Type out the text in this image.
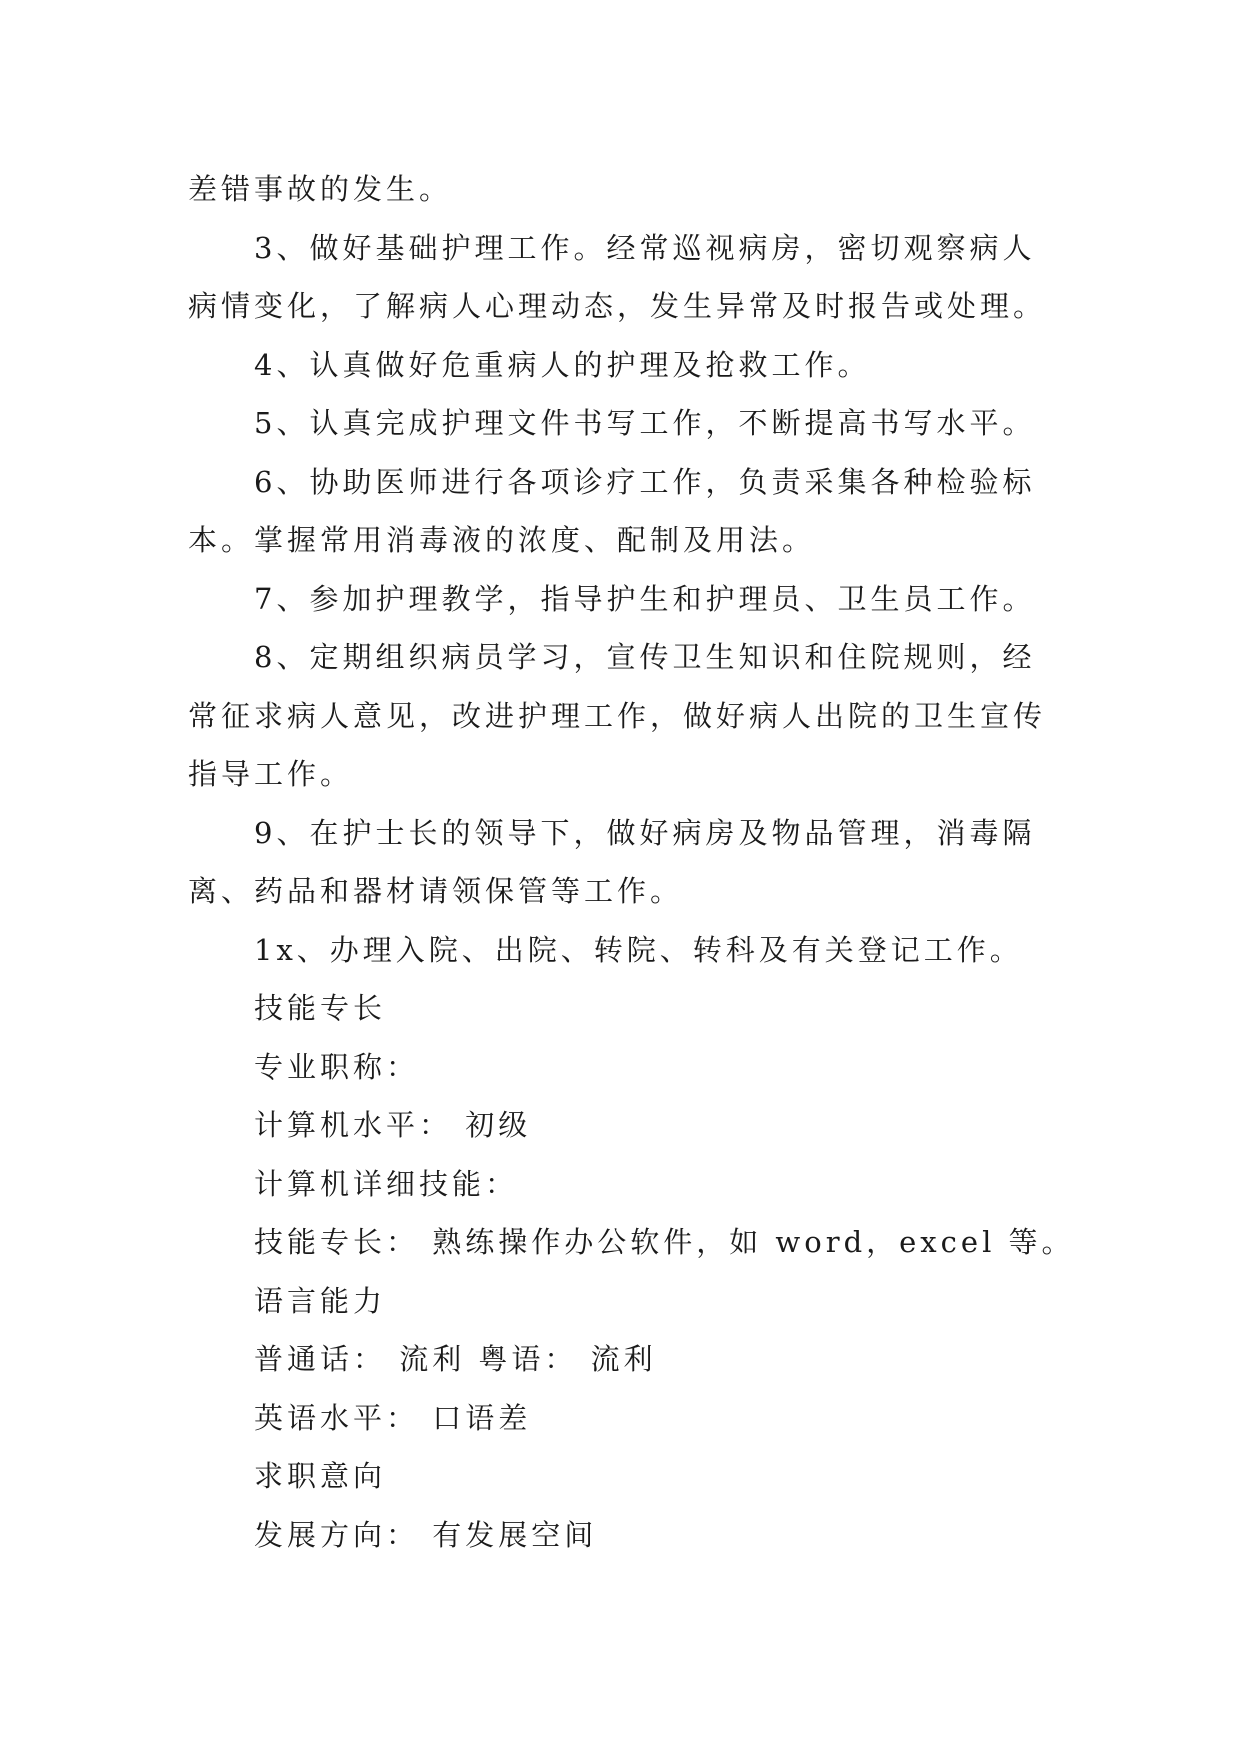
差错事故的发生。
3、做好基础护理工作。经常巡视病房，密切观察病人
病情变化，了解病人心理动态，发生异常及时报告或处理。
4、认真做好危重病人的护理及抢救工作。
5、认真完成护理文件书写工作，不断提高书写水平。
6、协助医师进行各项诊疗工作，负责采集各种检验标
本。掌握常用消毒液的浓度、配制及用法。
7、参加护理教学，指导护生和护理员、卫生员工作。
8、定期组织病员学习，宣传卫生知识和住院规则，经
常征求病人意见，改进护理工作，做好病人出院的卫生宣传
指导工作。
9、在护士长的领导下，做好病房及物品管理，消毒隔
离、药品和器材请领保管等工作。
1x、办理入院、出院、转院、转科及有关登记工作。
技能专长
专业职称：
计算机水平： 初级
计算机详细技能：
技能专长： 熟练操作办公软件，如 word，excel 等。
语言能力
普通话： 流利 粤语： 流利
英语水平： 口语差
求职意向
发展方向： 有发展空间
